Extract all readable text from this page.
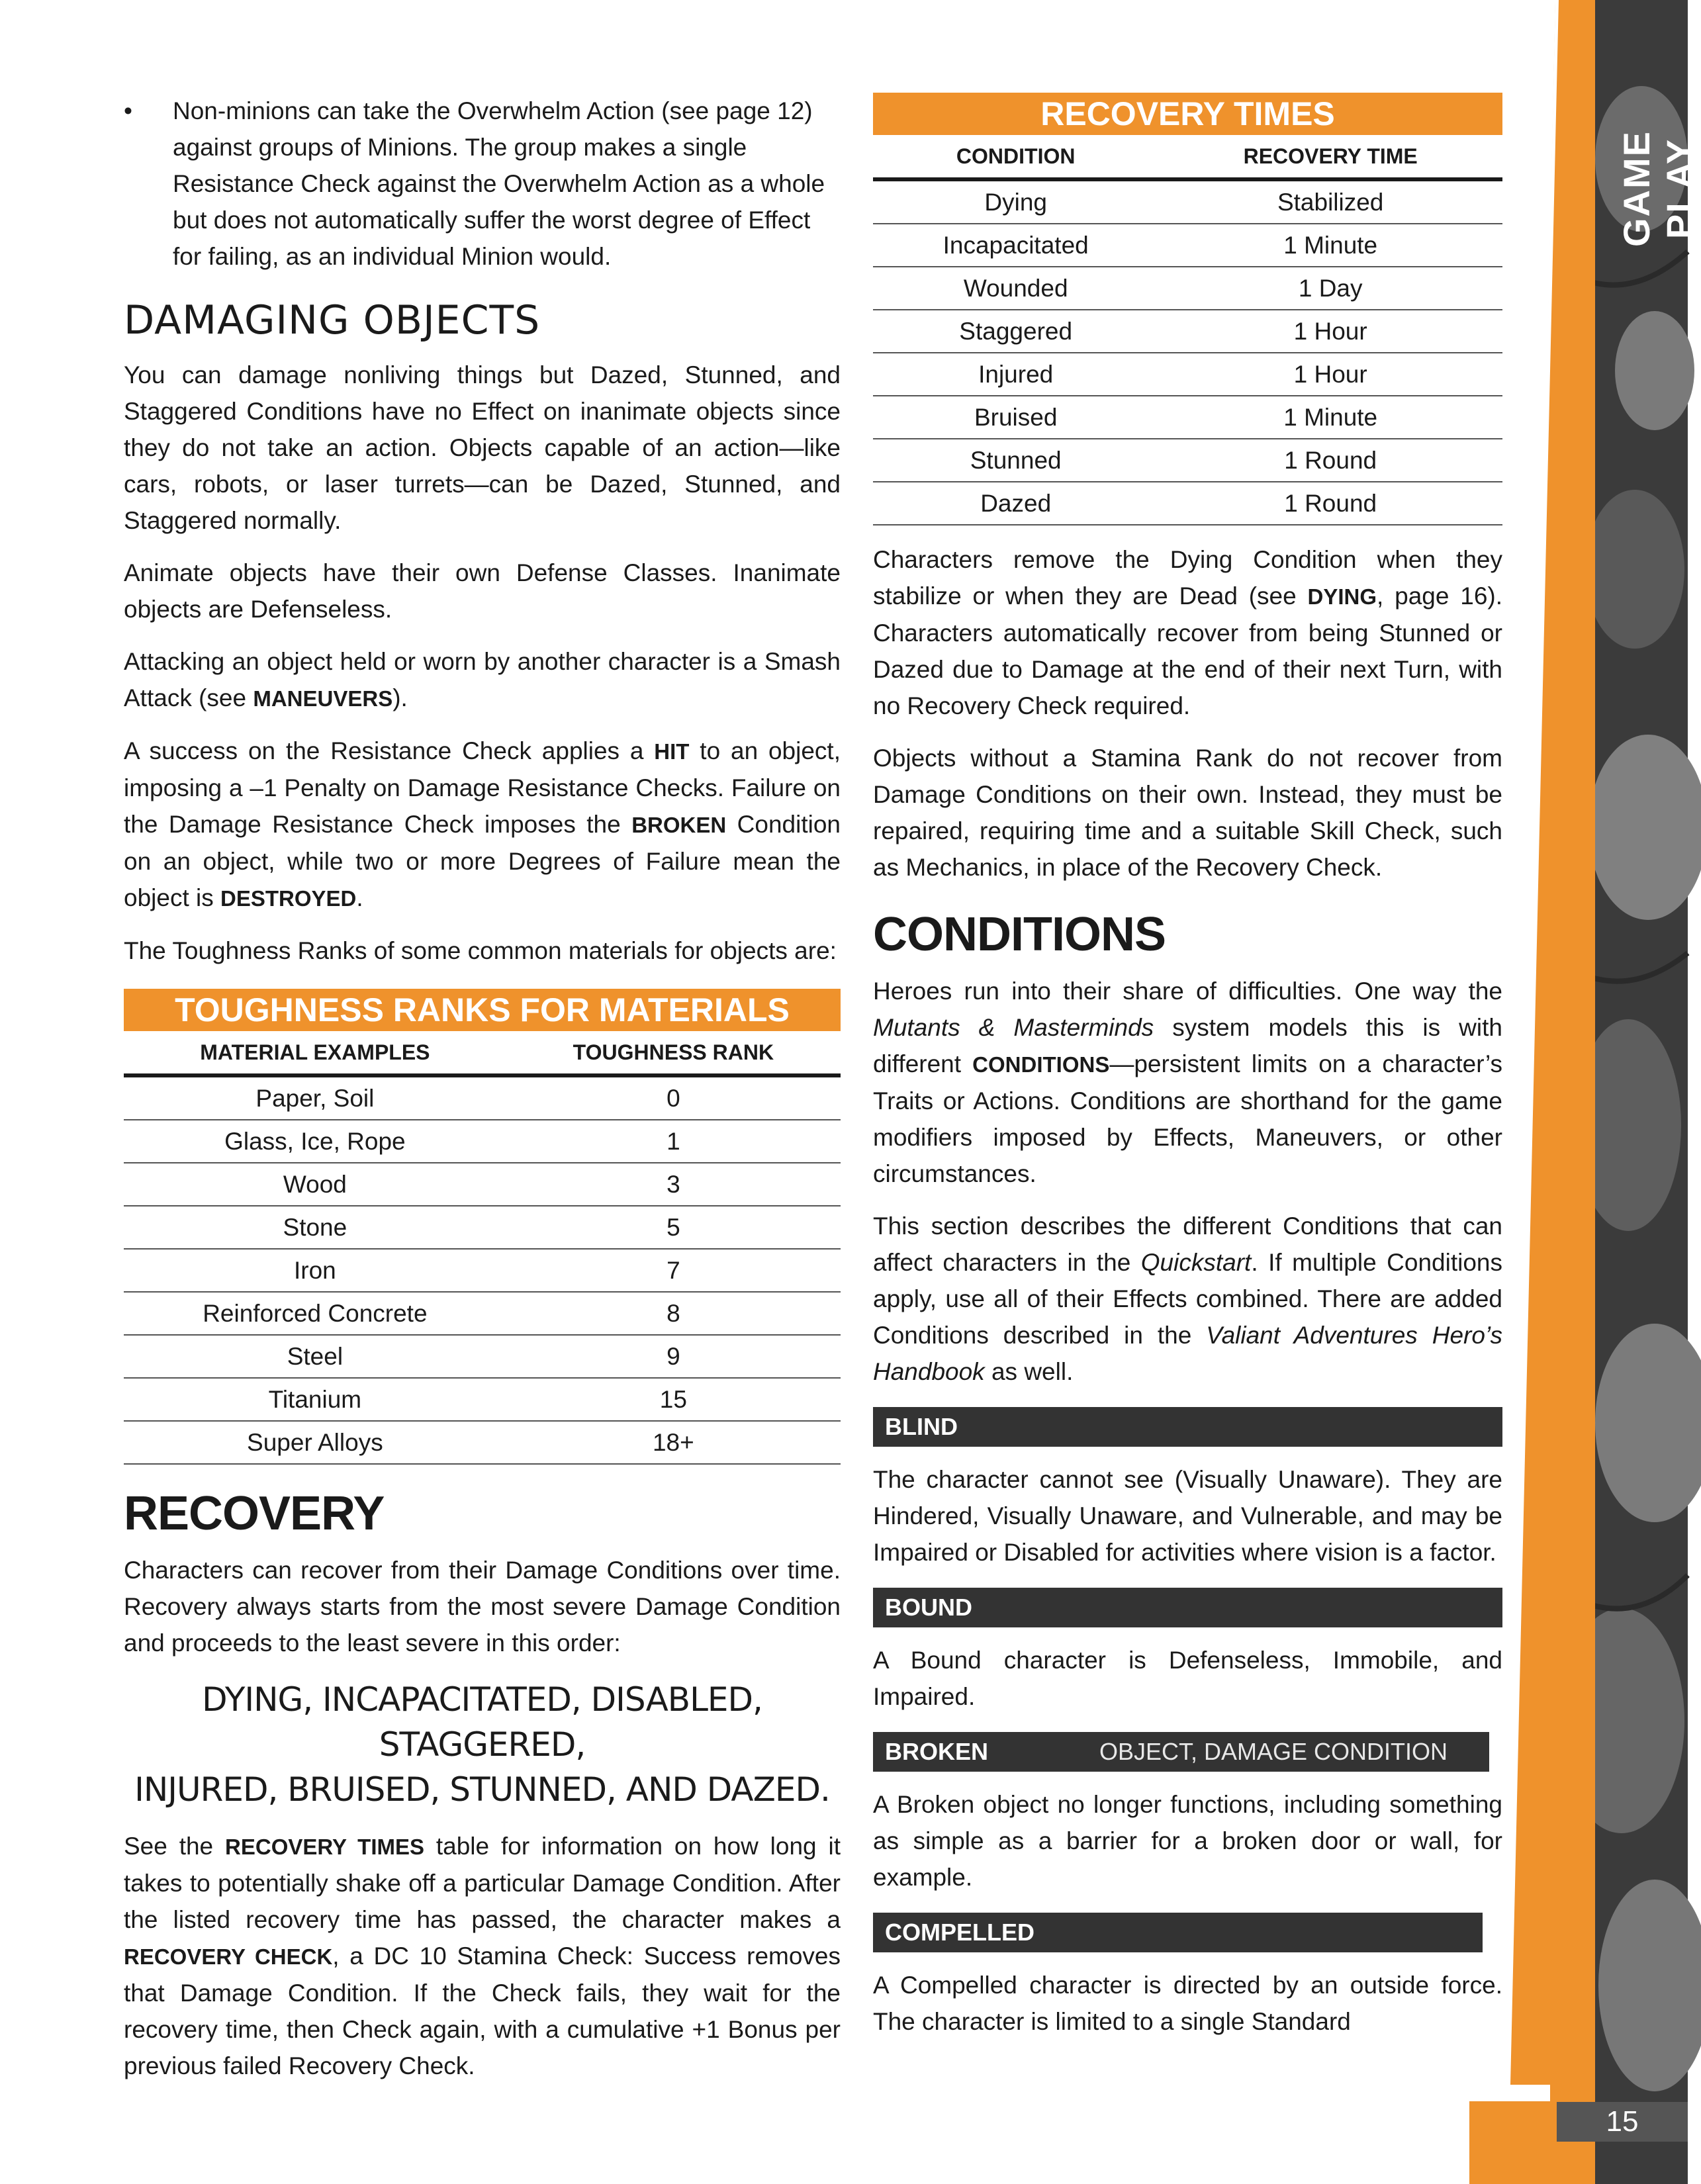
GAME PLAY
15
• Non-minions can take the Overwhelm Action (see page 12) against groups of Minions. The group makes a single Resistance Check against the Overwhelm Action as a whole but does not automatically suffer the worst degree of Effect for failing, as an individual Minion would.

DAMAGING OBJECTS

You can damage nonliving things but Dazed, Stunned, and Staggered Conditions have no Effect on inanimate objects since they do not take an action. Objects capable of an action—like cars, robots, or laser turrets—can be Dazed, Stunned, and Staggered normally.

Animate objects have their own Defense Classes. Inanimate objects are Defenseless.

Attacking an object held or worn by another character is a Smash Attack (see MANEUVERS).

A success on the Resistance Check applies a HIT to an object, imposing a –1 Penalty on Damage Resistance Checks. Failure on the Damage Resistance Check imposes the BROKEN Condition on an object, while two or more Degrees of Failure mean the object is DESTROYED.

The Toughness Ranks of some common materials for objects are:

TOUGHNESS RANKS FOR MATERIALS
MATERIAL EXAMPLES	TOUGHNESS RANK
Paper, Soil	0
Glass, Ice, Rope	1
Wood	3
Stone	5
Iron	7
Reinforced Concrete	8
Steel	9
Titanium	15
Super Alloys	18+
RECOVERY

Characters can recover from their Damage Conditions over time. Recovery always starts from the most severe Damage Condition and proceeds to the least severe in this order:

DYING, INCAPACITATED, DISABLED, STAGGERED,
INJURED, BRUISED, STUNNED, AND DAZED.

See the RECOVERY TIMES table for information on how long it takes to potentially shake off a particular Damage Condition. After the listed recovery time has passed, the character makes a RECOVERY CHECK, a DC 10 Stamina Check: Success removes that Damage Condition. If the Check fails, they wait for the recovery time, then Check again, with a cumulative +1 Bonus per previous failed Recovery Check.

RECOVERY TIMES
CONDITION	RECOVERY TIME
Dying	Stabilized
Incapacitated	1 Minute
Wounded	1 Day
Staggered	1 Hour
Injured	1 Hour
Bruised	1 Minute
Stunned	1 Round
Dazed	1 Round

Characters remove the Dying Condition when they stabilize or when they are Dead (see DYING, page 16). Characters automatically recover from being Stunned or Dazed due to Damage at the end of their next Turn, with no Recovery Check required.

Objects without a Stamina Rank do not recover from Damage Conditions on their own. Instead, they must be repaired, requiring time and a suitable Skill Check, such as Mechanics, in place of the Recovery Check.

CONDITIONS

Heroes run into their share of difficulties. One way the Mutants & Masterminds system models this is with different CONDITIONS—persistent limits on a character’s Traits or Actions. Conditions are shorthand for the game modifiers imposed by Effects, Maneuvers, or other circumstances.

This section describes the different Conditions that can affect characters in the Quickstart. If multiple Conditions apply, use all of their Effects combined. There are added Conditions described in the Valiant Adventures Hero’s Handbook as well.

BLIND

The character cannot see (Visually Unaware). They are Hindered, Visually Unaware, and Vulnerable, and may be Impaired or Disabled for activities where vision is a factor.

BOUND

A Bound character is Defenseless, Immobile, and Impaired.

BROKEN	OBJECT, DAMAGE CONDITION

A Broken object no longer functions, including something as simple as a barrier for a broken door or wall, for example.

COMPELLED

A Compelled character is directed by an outside force. The character is limited to a single Standard
